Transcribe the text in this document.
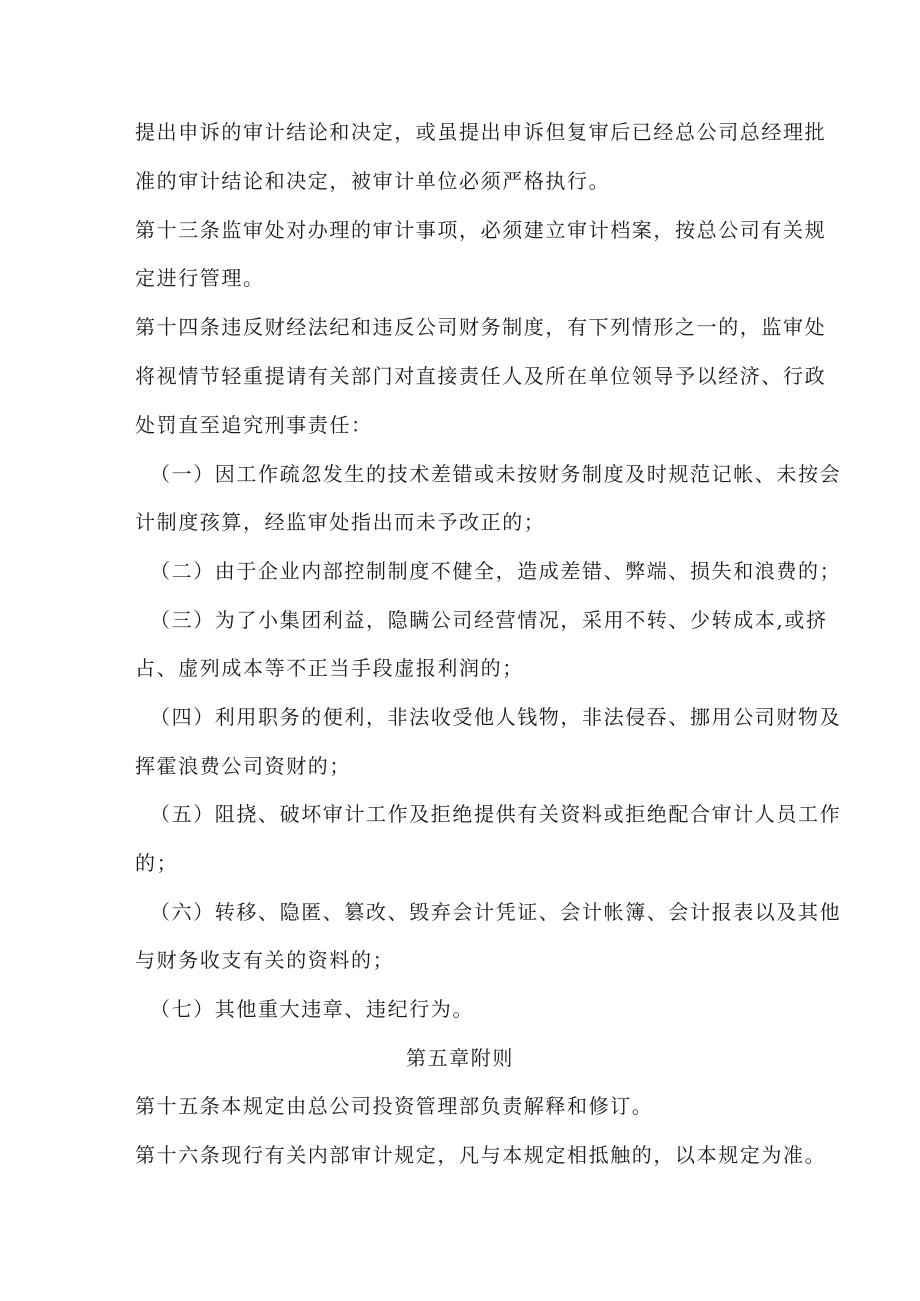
提出申诉的审计结论和决定，或虽提出申诉但复审后已经总公司总经理批
准的审计结论和决定，被审计单位必须严格执行。
第十三条监审处对办理的审计事项，必须建立审计档案，按总公司有关规
定进行管理。
第十四条违反财经法纪和违反公司财务制度，有下列情形之一的，监审处
将视情节轻重提请有关部门对直接责任人及所在单位领导予以经济、行政
处罚直至追究刑事责任：
（一）因工作疏忽发生的技术差错或未按财务制度及时规范记帐、未按会
计制度孩算，经监审处指出而未予改正的；
（二）由于企业内部控制制度不健全，造成差错、弊端、损失和浪费的；
（三）为了小集团利益，隐瞒公司经营情况，采用不转、少转成本,或挤
占、虚列成本等不正当手段虚报利润的；
（四）利用职务的便利，非法收受他人钱物，非法侵吞、挪用公司财物及
挥霍浪费公司资财的；
（五）阻挠、破坏审计工作及拒绝提供有关资料或拒绝配合审计人员工作
的；
（六）转移、隐匿、篡改、毁弃会计凭证、会计帐簿、会计报表以及其他
与财务收支有关的资料的；
（七）其他重大违章、违纪行为。
第五章附则
第十五条本规定由总公司投资管理部负责解释和修订。
第十六条现行有关内部审计规定，凡与本规定相抵触的，以本规定为准。
